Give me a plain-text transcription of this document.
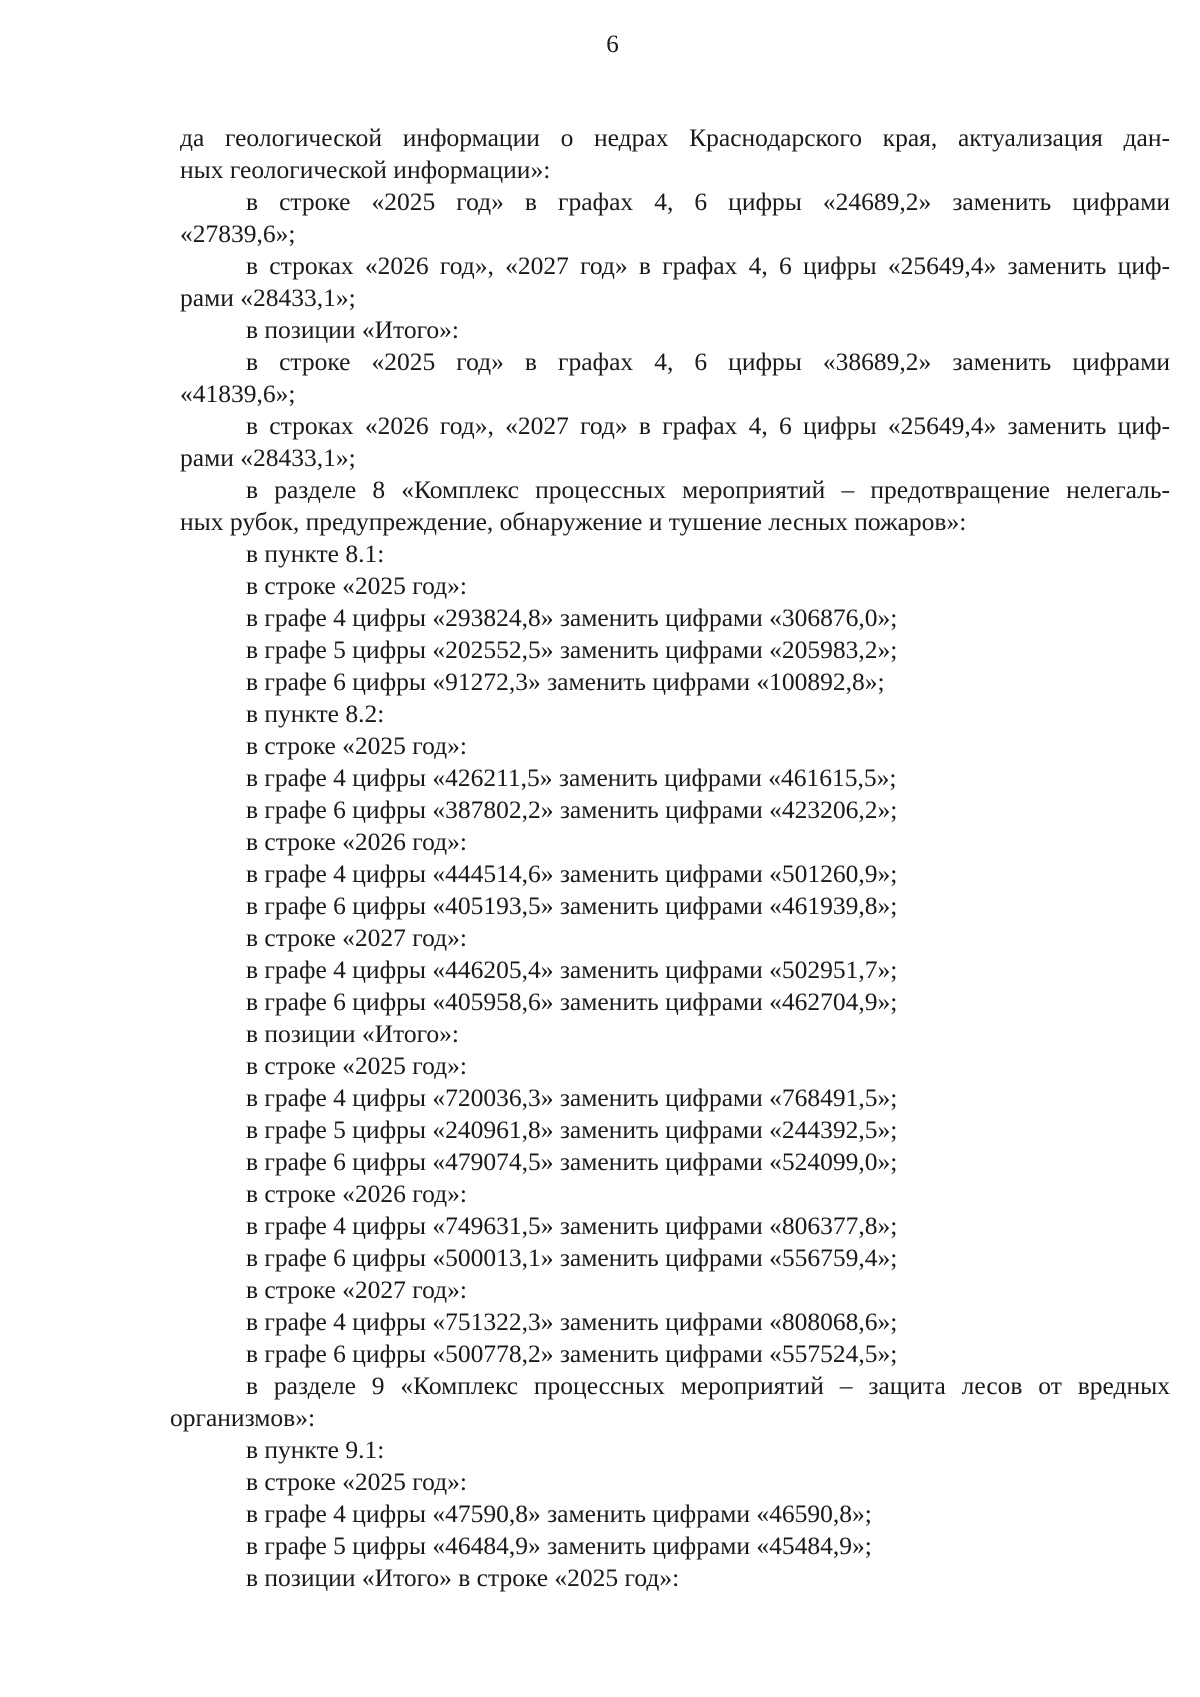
6
да геологической информации о недрах Краснодарского края, актуализация дан-
ных геологической информации»:
в строке «2025 год» в графах 4, 6 цифры «24689,2» заменить цифрами
«27839,6»;
в строках «2026 год», «2027 год» в графах 4, 6 цифры «25649,4» заменить циф-
рами «28433,1»;
в позиции «Итого»:
в строке «2025 год» в графах 4, 6 цифры «38689,2» заменить цифрами
«41839,6»;
в строках «2026 год», «2027 год» в графах 4, 6 цифры «25649,4» заменить циф-
рами «28433,1»;
в разделе 8 «Комплекс процессных мероприятий – предотвращение нелегаль-
ных рубок, предупреждение, обнаружение и тушение лесных пожаров»:
в пункте 8.1:
в строке «2025 год»:
в графе 4 цифры «293824,8» заменить цифрами «306876,0»;
в графе 5 цифры «202552,5» заменить цифрами «205983,2»;
в графе 6 цифры «91272,3» заменить цифрами «100892,8»;
в пункте 8.2:
в строке «2025 год»:
в графе 4 цифры «426211,5» заменить цифрами «461615,5»;
в графе 6 цифры «387802,2» заменить цифрами «423206,2»;
в строке «2026 год»:
в графе 4 цифры «444514,6» заменить цифрами «501260,9»;
в графе 6 цифры «405193,5» заменить цифрами «461939,8»;
в строке «2027 год»:
в графе 4 цифры «446205,4» заменить цифрами «502951,7»;
в графе 6 цифры «405958,6» заменить цифрами «462704,9»;
в позиции «Итого»:
в строке «2025 год»:
в графе 4 цифры «720036,3» заменить цифрами «768491,5»;
в графе 5 цифры «240961,8» заменить цифрами «244392,5»;
в графе 6 цифры «479074,5» заменить цифрами «524099,0»;
в строке «2026 год»:
в графе 4 цифры «749631,5» заменить цифрами «806377,8»;
в графе 6 цифры «500013,1» заменить цифрами «556759,4»;
в строке «2027 год»:
в графе 4 цифры «751322,3» заменить цифрами «808068,6»;
в графе 6 цифры «500778,2» заменить цифрами «557524,5»;
в разделе 9 «Комплекс процессных мероприятий – защита лесов от вредных
организмов»:
в пункте 9.1:
в строке «2025 год»:
в графе 4 цифры «47590,8» заменить цифрами «46590,8»;
в графе 5 цифры «46484,9» заменить цифрами «45484,9»;
в позиции «Итого» в строке «2025 год»:
